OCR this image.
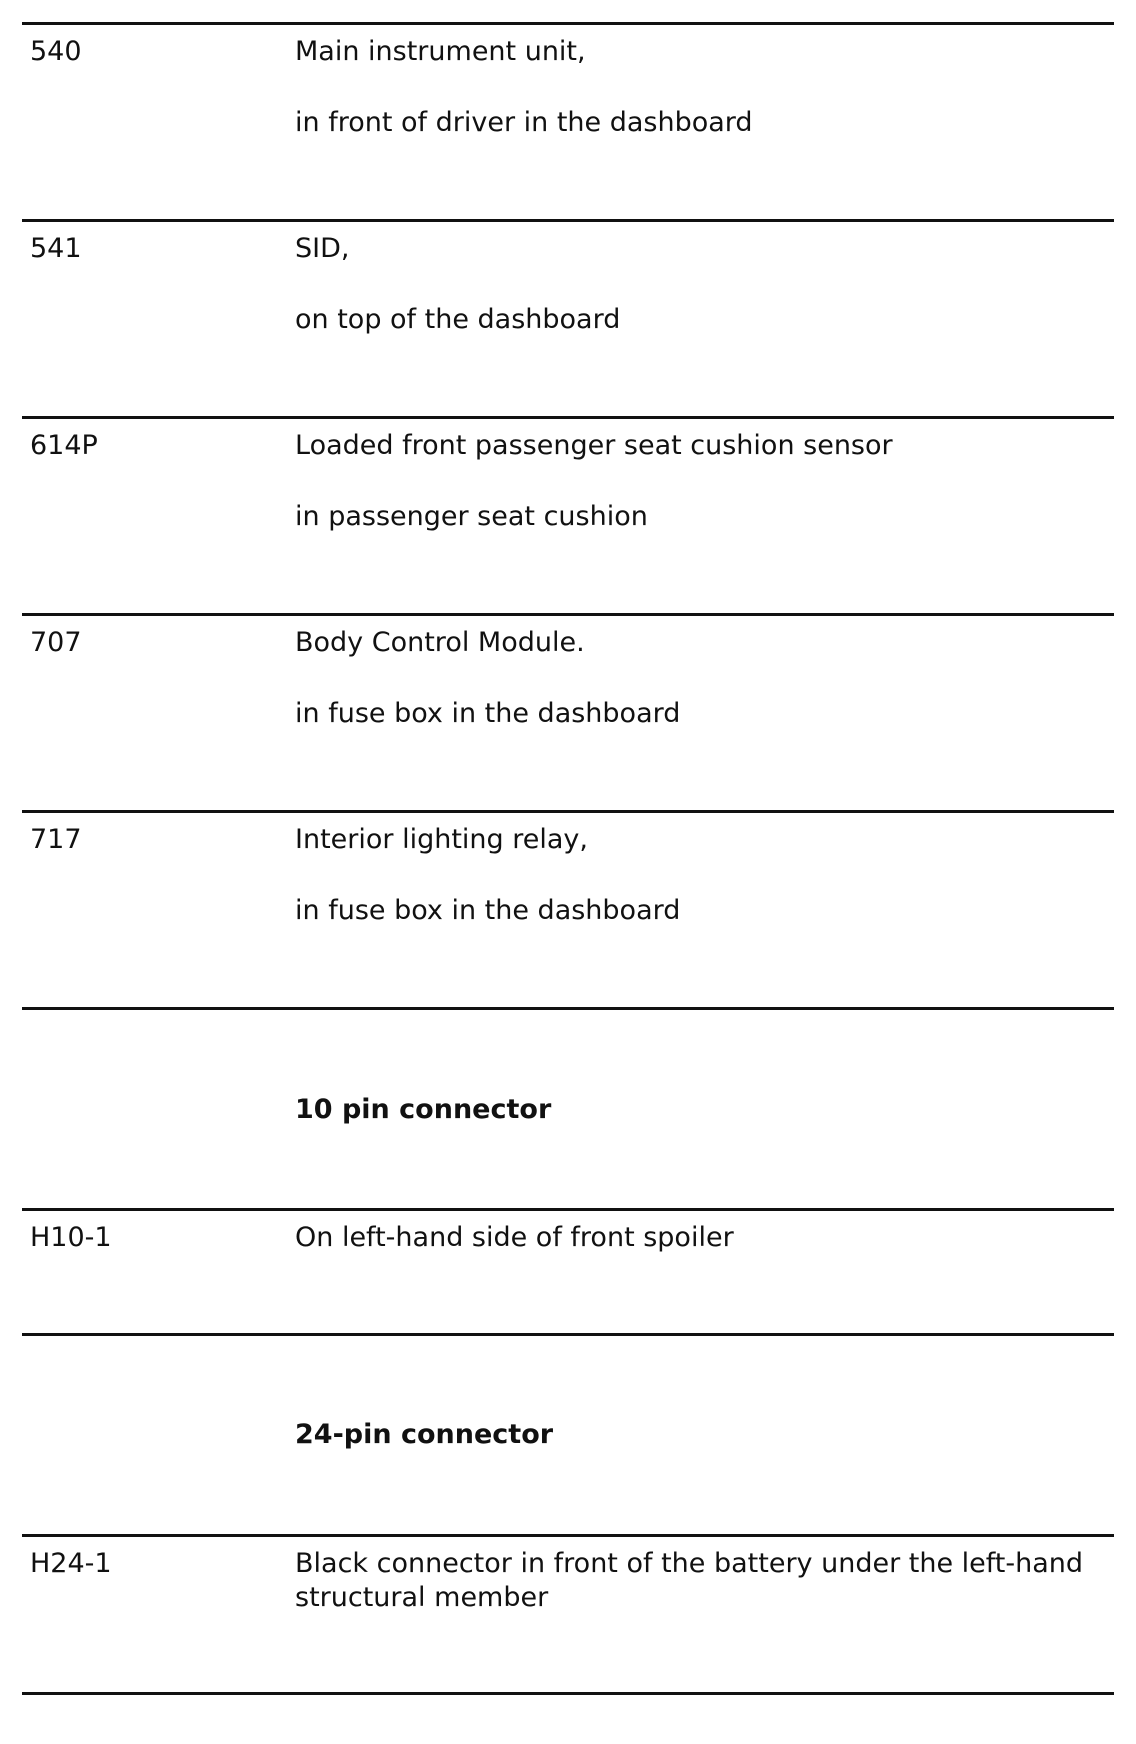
540	Main instrument unit,
in front of driver in the dashboard
541	SID,
on top of the dashboard
614P	Loaded front passenger seat cushion sensor
in passenger seat cushion
707	Body Control Module.
in fuse box in the dashboard
717	Interior lighting relay,
in fuse box in the dashboard
10 pin connector
H10-1	On left-hand side of front spoiler
24-pin connector
H24-1	Black connector in front of the battery under the left-hand structural member
